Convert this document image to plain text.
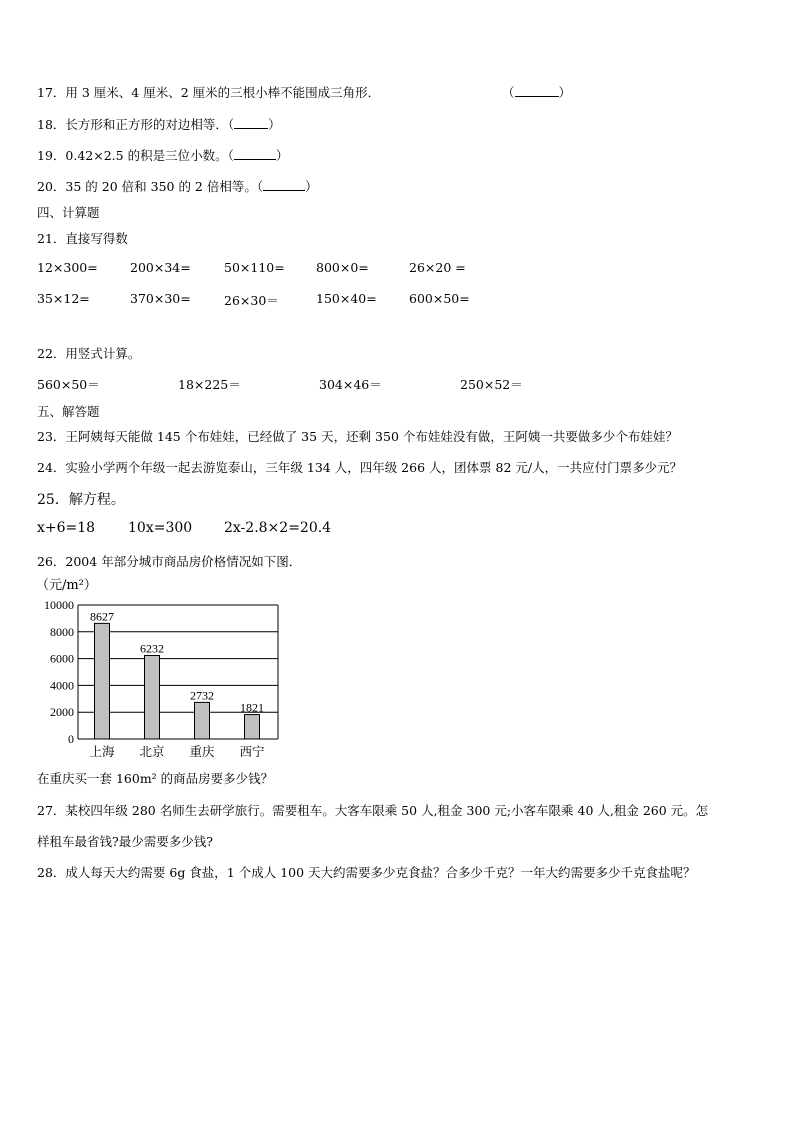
17．用 3 厘米、4 厘米、2 厘米的三根小棒不能围成三角形．	（	）
18．长方形和正方形的对边相等．（	）
19．0.42×2.5 的积是三位小数。（	）
20．35 的 20 倍和 350 的 2 倍相等。（	）
四、计算题
21．直接写得数
12×300=	200×34=	50×110=	800×0=	26×20 =
35×12=	370×30=	26×30＝	150×40=	600×50=
22．用竖式计算。
560×50＝	18×225＝	304×46＝	250×52＝
五、解答题
23．王阿姨每天能做 145 个布娃娃，已经做了 35 天，还剩 350 个布娃娃没有做，王阿姨一共要做多少个布娃娃？
24．实验小学两个年级一起去游览泰山，三年级 134 人，四年级 266 人，团体票 82 元/人，一共应付门票多少元？
25．解方程。
x+6=18 10x=300 2x-2.8×2=20.4
26．2004 年部分城市商品房价格情况如下图．
（元/m²）
0
2000
4000
6000
8000
10000
8627
上海
6232
北京
2732
重庆
1821
西宁
在重庆买一套 160m² 的商品房要多少钱？
27．某校四年级 280 名师生去研学旅行。需要租车。大客车限乘 50 人,租金 300 元;小客车限乘 40 人,租金 260 元。怎
样租车最省钱?最少需要多少钱?
28．成人每天大约需要 6g 食盐，1 个成人 100 天大约需要多少克食盐？合多少千克？一年大约需要多少千克食盐呢？
